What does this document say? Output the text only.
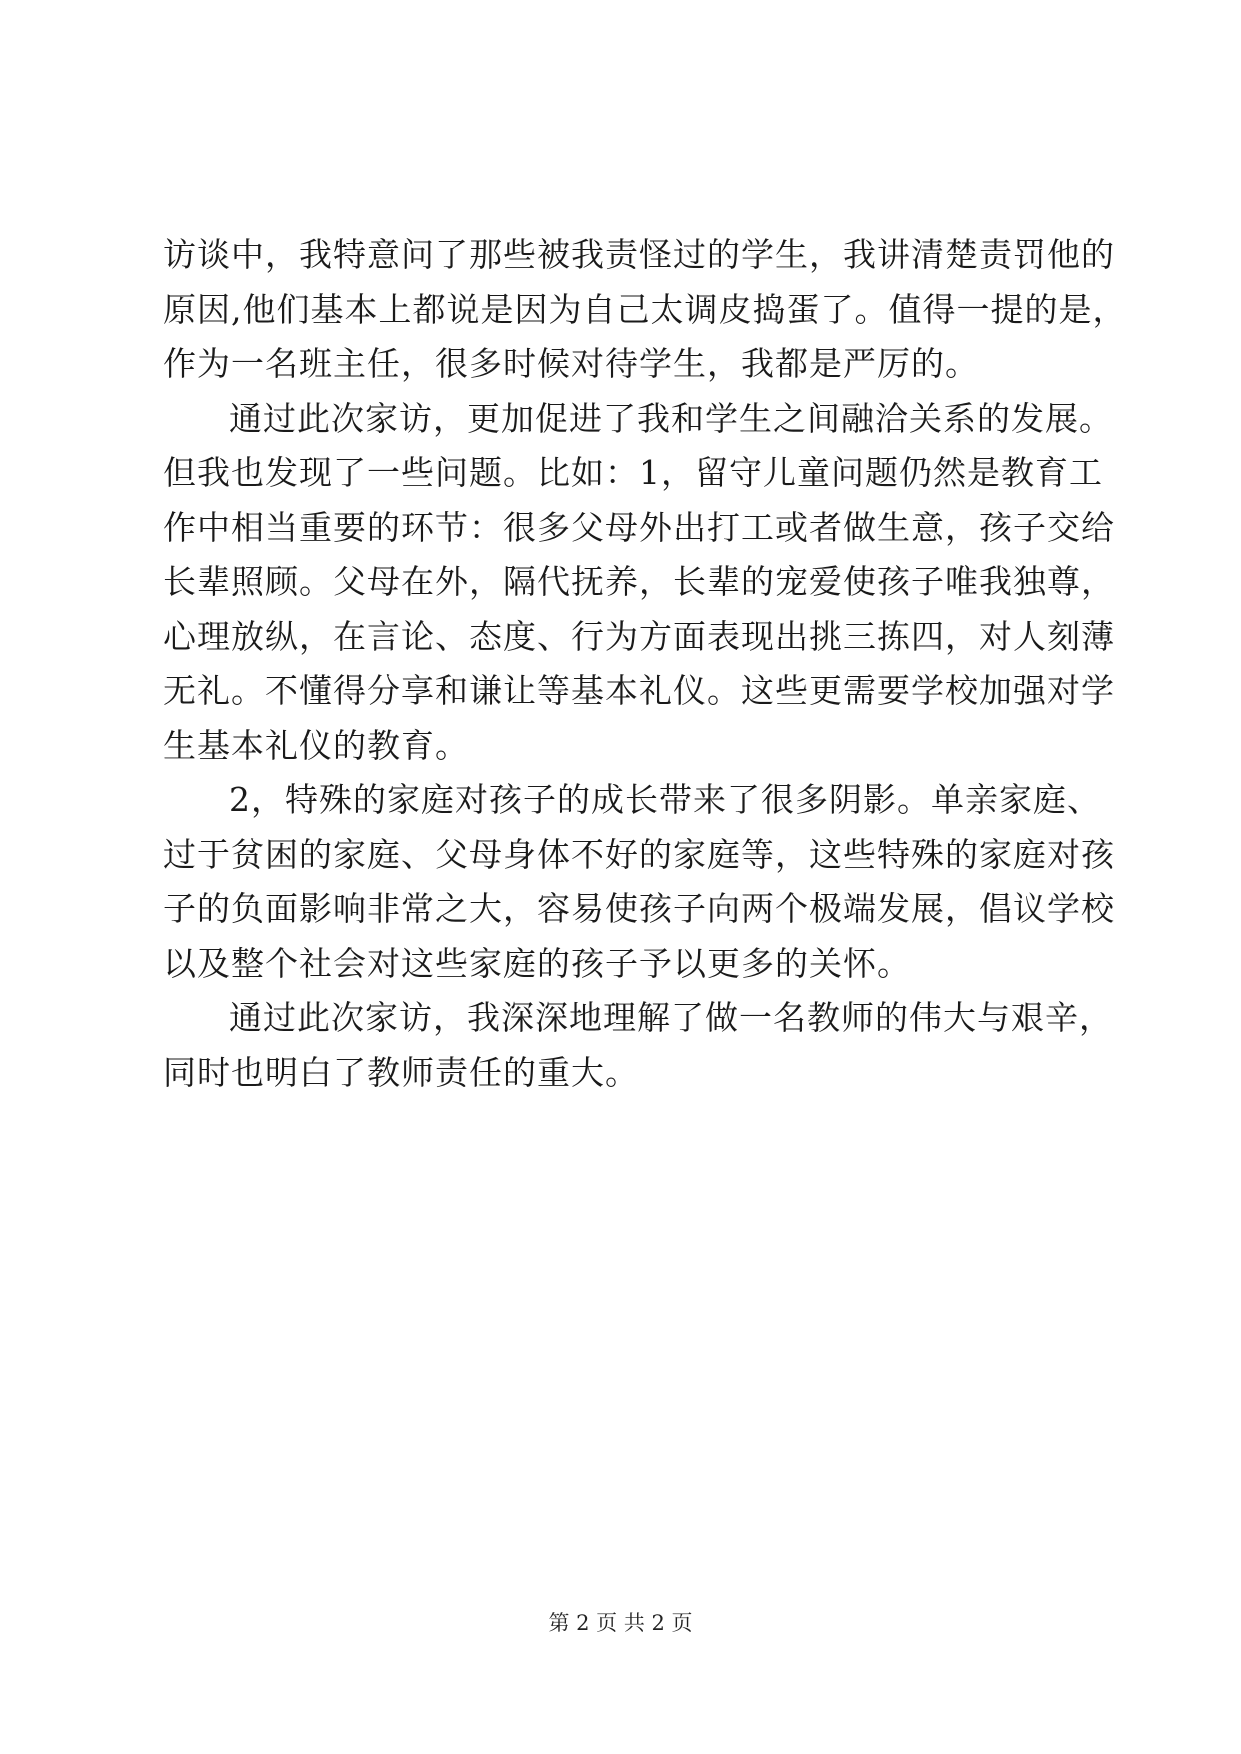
访谈中，我特意问了那些被我责怪过的学生，我讲清楚责罚他的
原因,他们基本上都说是因为自己太调皮捣蛋了。值得一提的是，
作为一名班主任，很多时候对待学生，我都是严厉的。
通过此次家访，更加促进了我和学生之间融洽关系的发展。
但我也发现了一些问题。比如：1，留守儿童问题仍然是教育工
作中相当重要的环节：很多父母外出打工或者做生意，孩子交给
长辈照顾。父母在外，隔代抚养，长辈的宠爱使孩子唯我独尊，
心理放纵，在言论、态度、行为方面表现出挑三拣四，对人刻薄
无礼。不懂得分享和谦让等基本礼仪。这些更需要学校加强对学
生基本礼仪的教育。
2，特殊的家庭对孩子的成长带来了很多阴影。单亲家庭、
过于贫困的家庭、父母身体不好的家庭等，这些特殊的家庭对孩
子的负面影响非常之大，容易使孩子向两个极端发展，倡议学校
以及整个社会对这些家庭的孩子予以更多的关怀。
通过此次家访，我深深地理解了做一名教师的伟大与艰辛，
同时也明白了教师责任的重大。
第 2 页 共 2 页
